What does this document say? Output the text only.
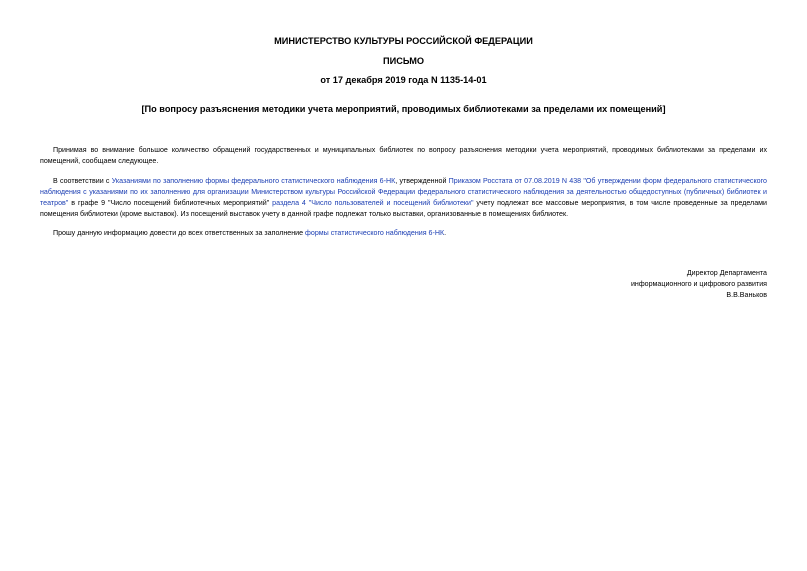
МИНИСТЕРСТВО КУЛЬТУРЫ РОССИЙСКОЙ ФЕДЕРАЦИИ
ПИСЬМО
от 17 декабря 2019 года N 1135-14-01
[По вопросу разъяснения методики учета мероприятий, проводимых библиотеками за пределами их помещений]

Принимая во внимание большое количество обращений государственных и муниципальных библиотек по вопросу разъяснения методики учета мероприятий, проводимых библиотеками за пределами их помещений, сообщаем следующее.

В соответствии с Указаниями по заполнению формы федерального статистического наблюдения 6-НК, утвержденной Приказом Росстата от 07.08.2019 N 438 "Об утверждении форм федерального статистического наблюдения с указаниями по их заполнению для организации Министерством культуры Российской Федерации федерального статистического наблюдения за деятельностью общедоступных (публичных) библиотек и театров" в графе 9 "Число посещений библиотечных мероприятий" раздела 4 "Число пользователей и посещений библиотеки" учету подлежат все массовые мероприятия, в том числе проведенные за пределами помещения библиотеки (кроме выставок). Из посещений выставок учету в данной графе подлежат только выставки, организованные в помещениях библиотек.

Прошу данную информацию довести до всех ответственных за заполнение формы статистического наблюдения 6-НК.

Директор Департамента
информационного и цифрового развития
В.В.Ваньков
